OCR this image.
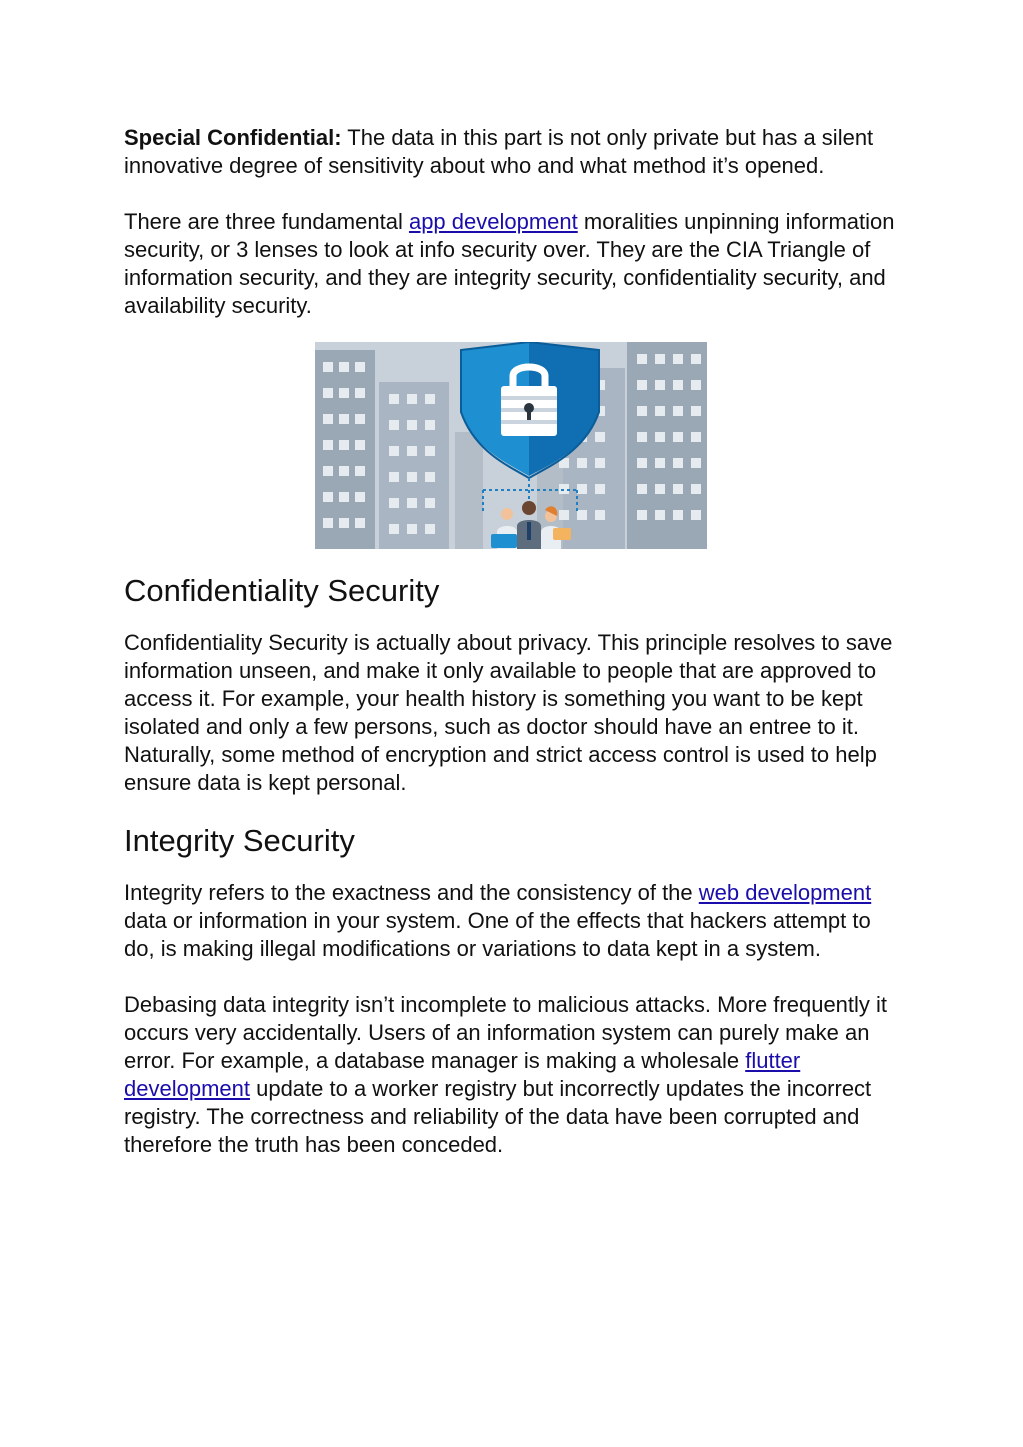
Special Confidential: The data in this part is not only private but has a silent innovative degree of sensitivity about who and what method it’s opened.

There are three fundamental app development moralities unpinning information security, or 3 lenses to look at info security over. They are the CIA Triangle of information security, and they are integrity security, confidentiality security, and availability security.

Confidentiality Security

Confidentiality Security is actually about privacy. This principle resolves to save information unseen, and make it only available to people that are approved to access it. For example, your health history is something you want to be kept isolated and only a few persons, such as doctor should have an entree to it. Naturally, some method of encryption and strict access control is used to help ensure data is kept personal.

Integrity Security

Integrity refers to the exactness and the consistency of the web development data or information in your system. One of the effects that hackers attempt to do, is making illegal modifications or variations to data kept in a system.

Debasing data integrity isn’t incomplete to malicious attacks. More frequently it occurs very accidentally. Users of an information system can purely make an error. For example, a database manager is making a wholesale flutter development update to a worker registry but incorrectly updates the incorrect registry. The correctness and reliability of the data have been corrupted and therefore the truth has been conceded.
